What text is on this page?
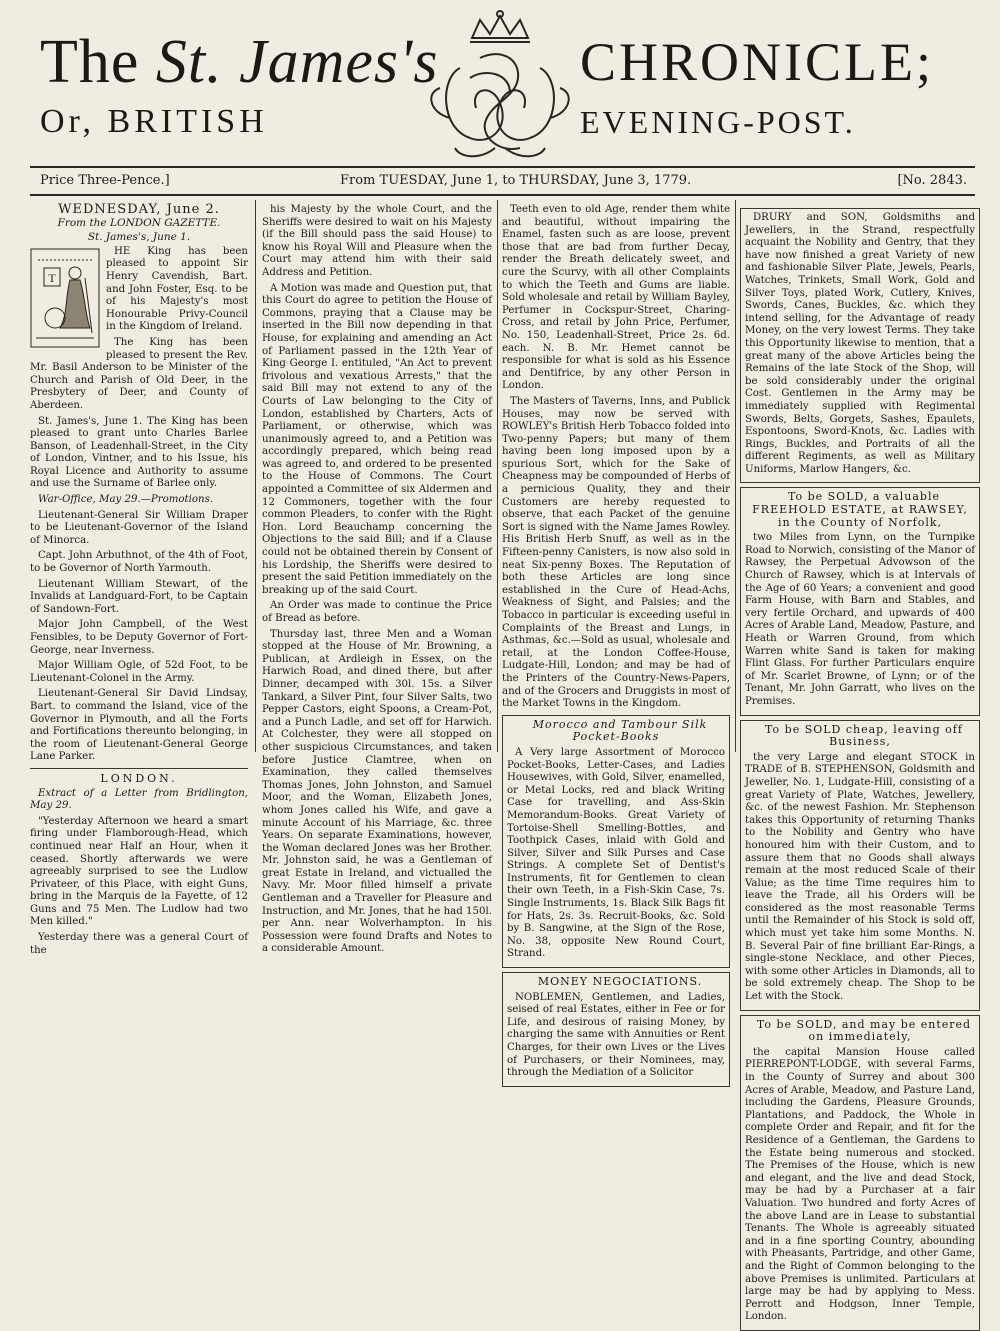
The St. James's
Or, BRITISH
CHRONICLE;
EVENING-POST.
Price Three-Pence.]	From TUESDAY, June 1, to THURSDAY, June 3, 1779.	[No. 2843.

WEDNESDAY, June 2.

From the LONDON GAZETTE.

St. James's, June 1.

T

HE King has been pleased to appoint Sir Henry Cavendish, Bart. and John Foster, Esq. to be of his Majesty's most Honourable Privy-Council in the Kingdom of Ireland.

The King has been pleased to present the Rev. Mr. Basil Anderson to be Minister of the Church and Parish of Old Deer, in the Presbytery of Deer, and County of Aberdeen.

St. James's, June 1. The King has been pleased to grant unto Charles Barlee Banson, of Leadenhall-Street, in the City of London, Vintner, and to his Issue, his Royal Licence and Authority to assume and use the Surname of Barlee only.

War-Office, May 29.—Promotions.

Lieutenant-General Sir William Draper to be Lieutenant-Governor of the Island of Minorca.

Capt. John Arbuthnot, of the 4th of Foot, to be Governor of North Yarmouth.

Lieutenant William Stewart, of the Invalids at Landguard-Fort, to be Captain of Sandown-Fort.

Major John Campbell, of the West Fensibles, to be Deputy Governor of Fort-George, near Inverness.

Major William Ogle, of 52d Foot, to be Lieutenant-Colonel in the Army.

Lieutenant-General Sir David Lindsay, Bart. to command the Island, vice of the Governor in Plymouth, and all the Forts and Fortifications thereunto belonging, in the room of Lieutenant-General George Lane Parker.

LONDON.

Extract of a Letter from Bridlington, May 29.

"Yesterday Afternoon we heard a smart firing under Flamborough-Head, which continued near Half an Hour, when it ceased. Shortly afterwards we were agreeably surprised to see the Ludlow Privateer, of this Place, with eight Guns, bring in the Marquis de la Fayette, of 12 Guns and 75 Men. The Ludlow had two Men killed."

Yesterday there was a general Court of the

his Majesty by the whole Court, and the Sheriffs were desired to wait on his Majesty (if the Bill should pass the said House) to know his Royal Will and Pleasure when the Court may attend him with their said Address and Petition.

A Motion was made and Question put, that this Court do agree to petition the House of Commons, praying that a Clause may be inserted in the Bill now depending in that House, for explaining and amending an Act of Parliament passed in the 12th Year of King George I. entituled, "An Act to prevent frivolous and vexatious Arrests," that the said Bill may not extend to any of the Courts of Law belonging to the City of London, established by Charters, Acts of Parliament, or otherwise, which was unanimously agreed to, and a Petition was accordingly prepared, which being read was agreed to, and ordered to be presented to the House of Commons. The Court appointed a Committee of six Aldermen and 12 Commoners, together with the four common Pleaders, to confer with the Right Hon. Lord Beauchamp concerning the Objections to the said Bill; and if a Clause could not be obtained therein by Consent of his Lordship, the Sheriffs were desired to present the said Petition immediately on the breaking up of the said Court.

An Order was made to continue the Price of Bread as before.

Thursday last, three Men and a Woman stopped at the House of Mr. Browning, a Publican, at Ardleigh in Essex, on the Harwich Road, and dined there, but after Dinner, decamped with 30l. 15s. a Silver Tankard, a Silver Pint, four Silver Salts, two Pepper Castors, eight Spoons, a Cream-Pot, and a Punch Ladle, and set off for Harwich. At Colchester, they were all stopped on other suspicious Circumstances, and taken before Justice Clamtree, when on Examination, they called themselves Thomas Jones, John Johnston, and Samuel Moor, and the Woman, Elizabeth Jones, whom Jones called his Wife, and gave a minute Account of his Marriage, &c. three Years. On separate Examinations, however, the Woman declared Jones was her Brother. Mr. Johnston said, he was a Gentleman of great Estate in Ireland, and victualled the Navy. Mr. Moor filled himself a private Gentleman and a Traveller for Pleasure and Instruction, and Mr. Jones, that he had 150l. per Ann. near Wolverhampton. In his Possession were found Drafts and Notes to a considerable Amount.

Teeth even to old Age, render them white and beautiful, without impairing the Enamel, fasten such as are loose, prevent those that are bad from further Decay, render the Breath delicately sweet, and cure the Scurvy, with all other Complaints to which the Teeth and Gums are liable. Sold wholesale and retail by William Bayley, Perfumer in Cockspur-Street, Charing-Cross, and retail by John Price, Perfumer, No. 150, Leadenhall-Street, Price 2s. 6d. each. N. B. Mr. Hemet cannot be responsible for what is sold as his Essence and Dentifrice, by any other Person in London.

The Masters of Taverns, Inns, and Publick Houses, may now be served with ROWLEY's British Herb Tobacco folded into Two-penny Papers; but many of them having been long imposed upon by a spurious Sort, which for the Sake of Cheapness may be compounded of Herbs of a pernicious Quality, they and their Customers are hereby requested to observe, that each Packet of the genuine Sort is signed with the Name James Rowley. His British Herb Snuff, as well as in the Fifteen-penny Canisters, is now also sold in neat Six-penny Boxes. The Reputation of both these Articles are long since established in the Cure of Head-Achs, Weakness of Sight, and Palsies; and the Tobacco in particular is exceeding useful in Complaints of the Breast and Lungs, in Asthmas, &c.—Sold as usual, wholesale and retail, at the London Coffee-House, Ludgate-Hill, London; and may be had of the Printers of the Country-News-Papers, and of the Grocers and Druggists in most of the Market Towns in the Kingdom.

Morocco and Tambour Silk Pocket-Books

A Very large Assortment of Morocco Pocket-Books, Letter-Cases, and Ladies Housewives, with Gold, Silver, enamelled, or Metal Locks, red and black Writing Case for travelling, and Ass-Skin Memorandum-Books. Great Variety of Tortoise-Shell Smelling-Bottles, and Toothpick Cases, inlaid with Gold and Silver, Silver and Silk Purses and Case Strings. A complete Set of Dentist's Instruments, fit for Gentlemen to clean their own Teeth, in a Fish-Skin Case, 7s. Single Instruments, 1s. Black Silk Bags fit for Hats, 2s. 3s. Recruit-Books, &c. Sold by B. Sangwine, at the Sign of the Rose, No. 38, opposite New Round Court, Strand.

MONEY NEGOCIATIONS.

NOBLEMEN, Gentlemen, and Ladies, seised of real Estates, either in Fee or for Life, and desirous of raising Money, by charging the same with Annuities or Rent Charges, for their own Lives or the Lives of Purchasers, or their Nominees, may, through the Mediation of a Solicitor

DRURY and SON, Goldsmiths and Jewellers, in the Strand, respectfully acquaint the Nobility and Gentry, that they have now finished a great Variety of new and fashionable Silver Plate, Jewels, Pearls, Watches, Trinkets, Small Work, Gold and Silver Toys, plated Work, Cutlery, Knives, Swords, Canes, Buckles, &c. which they intend selling, for the Advantage of ready Money, on the very lowest Terms. They take this Opportunity likewise to mention, that a great many of the above Articles being the Remains of the late Stock of the Shop, will be sold considerably under the original Cost. Gentlemen in the Army may be immediately supplied with Regimental Swords, Belts, Gorgets, Sashes, Epaulets, Espontoons, Sword-Knots, &c. Ladies with Rings, Buckles, and Portraits of all the different Regiments, as well as Military Uniforms, Marlow Hangers, &c.

To be SOLD, a valuable FREEHOLD ESTATE, at RAWSEY, in the County of Norfolk,

two Miles from Lynn, on the Turnpike Road to Norwich, consisting of the Manor of Rawsey, the Perpetual Advowson of the Church of Rawsey, which is at Intervals of the Age of 60 Years; a convenient and good Farm House, with Barn and Stables, and very fertile Orchard, and upwards of 400 Acres of Arable Land, Meadow, Pasture, and Heath or Warren Ground, from which Warren white Sand is taken for making Flint Glass. For further Particulars enquire of Mr. Scarlet Browne, of Lynn; or of the Tenant, Mr. John Garratt, who lives on the Premises.

To be SOLD cheap, leaving off Business,

the very Large and elegant STOCK in TRADE of B. STEPHENSON, Goldsmith and Jeweller, No. 1, Ludgate-Hill, consisting of a great Variety of Plate, Watches, Jewellery, &c. of the newest Fashion. Mr. Stephenson takes this Opportunity of returning Thanks to the Nobility and Gentry who have honoured him with their Custom, and to assure them that no Goods shall always remain at the most reduced Scale of their Value; as the time Time requires him to leave the Trade, all his Orders will be considered as the most reasonable Terms until the Remainder of his Stock is sold off, which must yet take him some Months. N. B. Several Pair of fine brilliant Ear-Rings, a single-stone Necklace, and other Pieces, with some other Articles in Diamonds, all to be sold extremely cheap. The Shop to be Let with the Stock.

To be SOLD, and may be entered on immediately,

the capital Mansion House called PIERREPONT-LODGE, with several Farms, in the County of Surrey and about 300 Acres of Arable, Meadow, and Pasture Land, including the Gardens, Pleasure Grounds, Plantations, and Paddock, the Whole in complete Order and Repair, and fit for the Residence of a Gentleman, the Gardens to the Estate being numerous and stocked. The Premises of the House, which is new and elegant, and the live and dead Stock, may be had by a Purchaser at a fair Valuation. Two hundred and forty Acres of the above Land are in Lease to substantial Tenants. The Whole is agreeably situated and in a fine sporting Country, abounding with Pheasants, Partridge, and other Game, and the Right of Common belonging to the above Premises is unlimited. Particulars at large may be had by applying to Mess. Perrott and Hodgson, Inner Temple, London.
